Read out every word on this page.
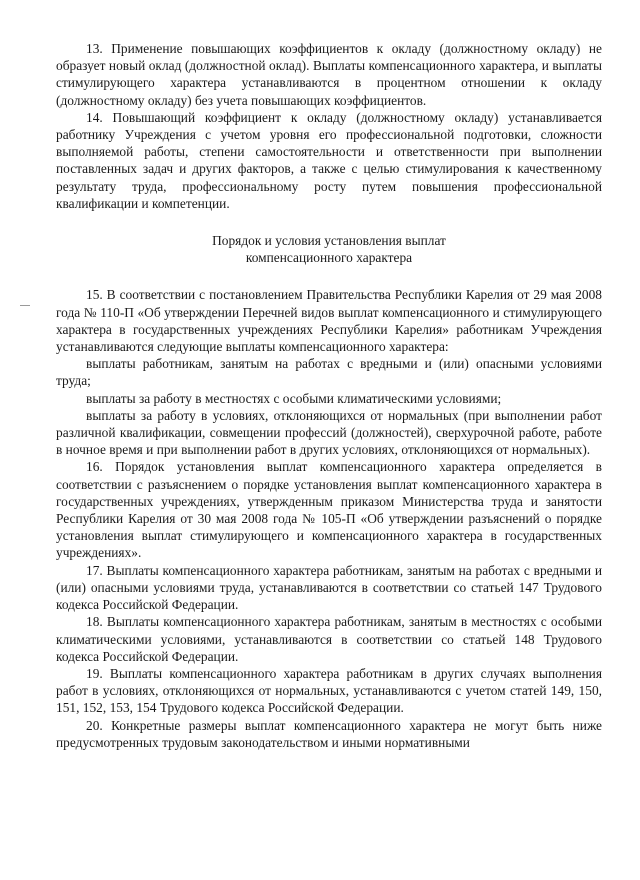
13. Применение повышающих коэффициентов к окладу (должностному окладу) не образует новый оклад (должностной оклад). Выплаты компенсационного характера, и выплаты стимулирующего характера устанавливаются в процентном отношении к окладу (должностному окладу) без учета повышающих коэффициентов.

14. Повышающий коэффициент к окладу (должностному окладу) устанавливается работнику Учреждения с учетом уровня его профессиональной подготовки, сложности выполняемой работы, степени самостоятельности и ответственности при выполнении поставленных задач и других факторов, а также с целью стимулирования к качественному результату труда, профессиональному росту путем повышения профессиональной квалификации и компетенции.

Порядок и условия установления выплат
компенсационного характера

15. В соответствии с постановлением Правительства Республики Карелия от 29 мая 2008 года № 110-П «Об утверждении Перечней видов выплат компенсационного и стимулирующего характера в государственных учреждениях Республики Карелия» работникам Учреждения устанавливаются следующие выплаты компенсационного характера:

выплаты работникам, занятым на работах с вредными и (или) опасными условиями труда;

выплаты за работу в местностях с особыми климатическими условиями;

выплаты за работу в условиях, отклоняющихся от нормальных (при выполнении работ различной квалификации, совмещении профессий (должностей), сверхурочной работе, работе в ночное время и при выполнении работ в других условиях, отклоняющихся от нормальных).

16. Порядок установления выплат компенсационного характера определяется в соответствии с разъяснением о порядке установления выплат компенсационного характера в государственных учреждениях, утвержденным приказом Министерства труда и занятости Республики Карелия от 30 мая 2008 года № 105-П «Об утверждении разъяснений о порядке установления выплат стимулирующего и компенсационного характера в государственных учреждениях».

17. Выплаты компенсационного характера работникам, занятым на работах с вредными и (или) опасными условиями труда, устанавливаются в соответствии со статьей 147 Трудового кодекса Российской Федерации.

18. Выплаты компенсационного характера работникам, занятым в местностях с особыми климатическими условиями, устанавливаются в соответствии со статьей 148 Трудового кодекса Российской Федерации.

19. Выплаты компенсационного характера работникам в других случаях выполнения работ в условиях, отклоняющихся от нормальных, устанавливаются с учетом статей 149, 150, 151, 152, 153, 154 Трудового кодекса Российской Федерации.

20. Конкретные размеры выплат компенсационного характера не могут быть ниже предусмотренных трудовым законодательством и иными нормативными
